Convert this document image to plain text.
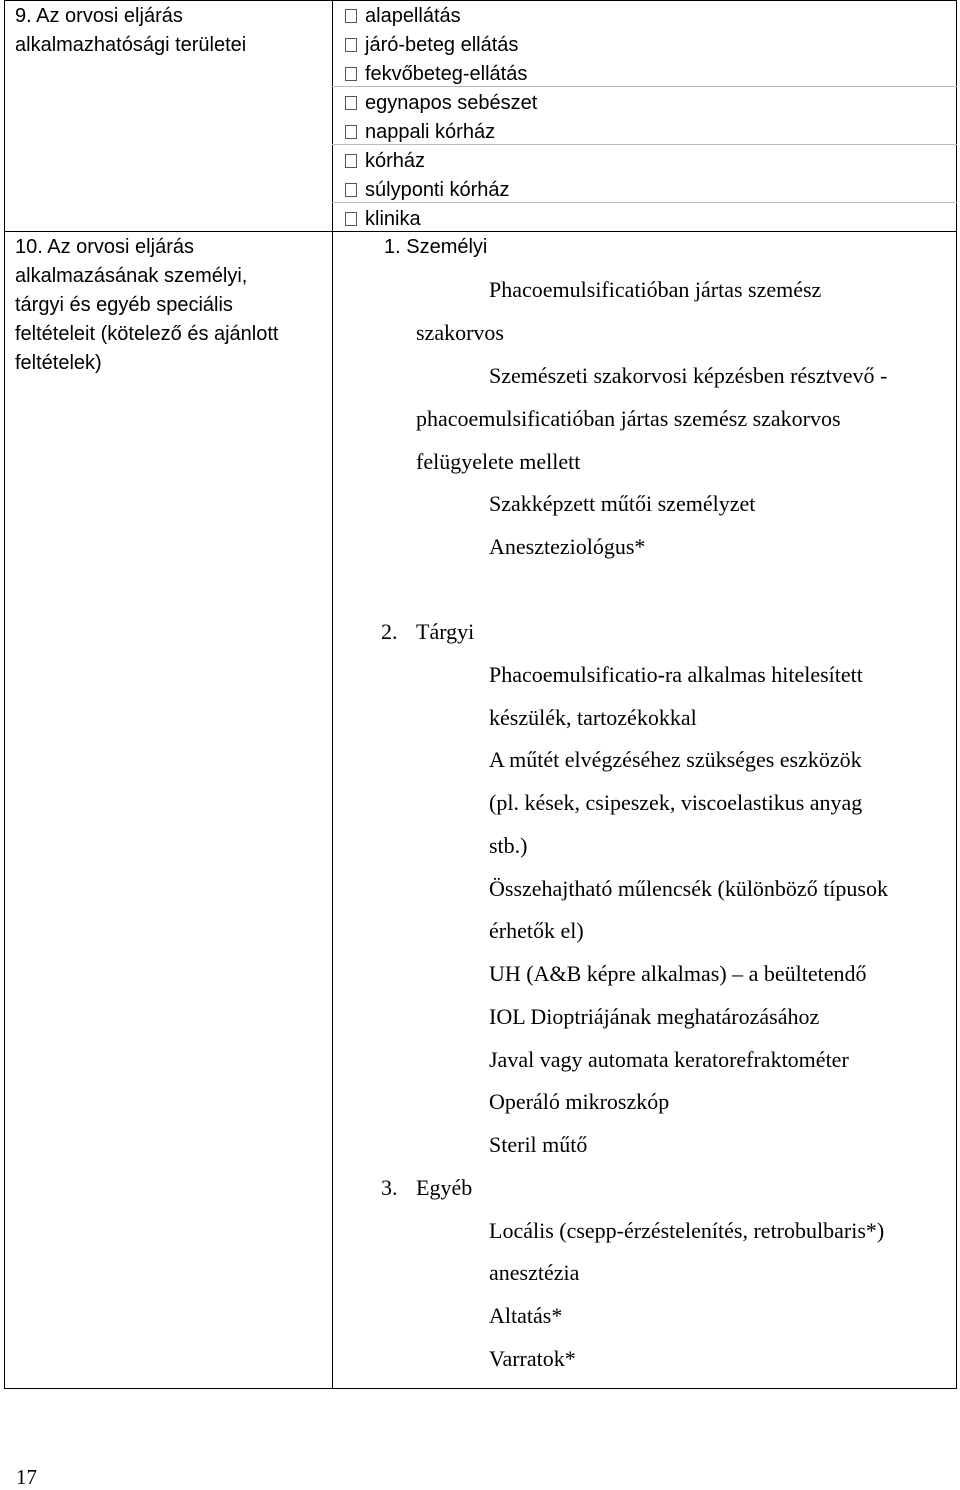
9. Az orvosi eljárás
alkalmazhatósági területei
alapellátás
járó-beteg ellátás
fekvőbeteg-ellátás
egynapos sebészet
nappali kórház
kórház
súlyponti kórház
klinika
10. Az orvosi eljárás
alkalmazásának személyi,
tárgyi és egyéb speciális
feltételeit (kötelező és ajánlott
feltételek)
1. Személyi
Phacoemulsificatióban jártas szemész
szakorvos
Szemészeti szakorvosi képzésben résztvevő -
phacoemulsificatióban jártas szemész szakorvos
felügyelete mellett
Szakképzett műtői személyzet
Aneszteziológus*
2. Tárgyi
Phacoemulsificatio-ra alkalmas hitelesített
készülék, tartozékokkal
A műtét elvégzéséhez szükséges eszközök
(pl. kések, csipeszek, viscoelastikus anyag
stb.)
Összehajtható műlencsék (különböző típusok
érhetők el)
UH (A&B képre alkalmas) – a beültetendő
IOL Dioptriájának meghatározásához
Javal vagy automata keratorefraktométer
Operáló mikroszkóp
Steril műtő
3. Egyéb
Locális (csepp-érzéstelenítés, retrobulbaris*)
anesztézia
Altatás*
Varratok*
17
